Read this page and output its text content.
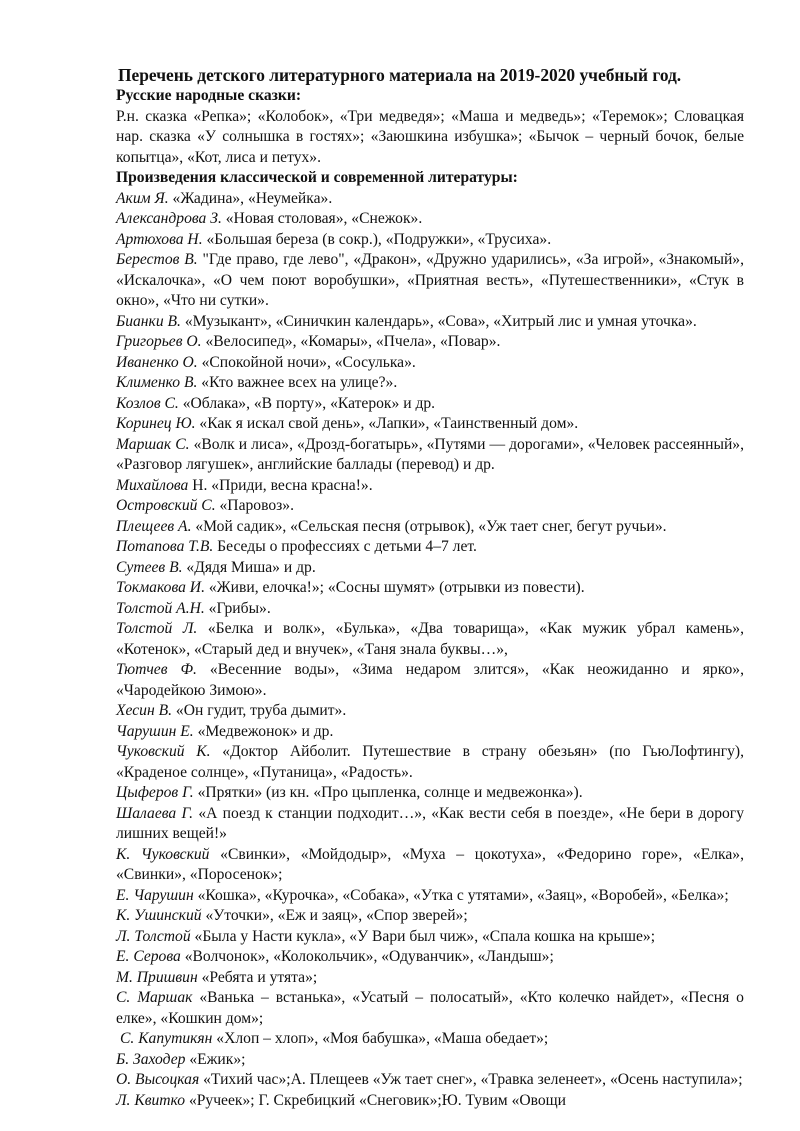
Перечень детского литературного материала на 2019-2020 учебный год.
Русские народные сказки:
Р.н. сказка «Репка»; «Колобок», «Три медведя»; «Маша и медведь»; «Теремок»; Словацкая нар. сказка «У солнышка в гостях»; «Заюшкина избушка»; «Бычок – черный бочок, белые копытца», «Кот, лиса и петух».
Произведения классической и современной литературы:
Аким Я. «Жадина», «Неумейка».
Александрова З. «Новая столовая», «Снежок».
Артюхова Н. «Большая береза (в сокр.), «Подружки», «Трусиха».
Берестов В. "Где право, где лево", «Дракон», «Дружно ударились», «За игрой», «Знакомый», «Искалочка», «О чем поют воробушки», «Приятная весть», «Путешественники», «Стук в окно», «Что ни сутки».
Бианки В. «Музыкант», «Синичкин календарь», «Сова», «Хитрый лис и умная уточка».
Григорьев О. «Велосипед», «Комары», «Пчела», «Повар».
Иваненко О. «Спокойной ночи», «Сосулька».
Клименко В. «Кто важнее всех на улице?».
Козлов С. «Облака», «В порту», «Катерок» и др.
Коринец Ю. «Как я искал свой день», «Лапки», «Таинственный дом».
Маршак С. «Волк и лиса», «Дрозд-богатырь», «Путями — дорогами», «Человек рассеянный», «Разговор лягушек», английские баллады (перевод) и др.
Михайлова Н. «Приди, весна красна!».
Островский С. «Паровоз».
Плещеев А. «Мой садик», «Сельская песня (отрывок), «Уж тает снег, бегут ручьи».
Потапова Т.В. Беседы о профессиях с детьми 4–7 лет.
Сутеев В. «Дядя Миша» и др.
Токмакова И. «Живи, елочка!»; «Сосны шумят» (отрывки из повести).
Толстой А.Н. «Грибы».
Толстой Л. «Белка и волк», «Булька», «Два товарища», «Как мужик убрал камень», «Котенок», «Старый дед и внучек», «Таня знала буквы…»,
Тютчев Ф. «Весенние воды», «Зима недаром злится», «Как неожиданно и ярко», «Чародейкою Зимою».
Хесин В. «Он гудит, труба дымит».
Чарушин Е. «Медвежонок» и др.
Чуковский К. «Доктор Айболит. Путешествие в страну обезьян» (по ГьюЛофтингу), «Краденое солнце», «Путаница», «Радость».
Цыферов Г. «Прятки» (из кн. «Про цыпленка, солнце и медвежонка»).
Шалаева Г. «А поезд к станции подходит…», «Как вести себя в поезде», «Не бери в дорогу лишних вещей!»
К. Чуковский «Свинки», «Мойдодыр», «Муха – цокотуха», «Федорино горе», «Елка», «Свинки», «Поросенок»;
Е. Чарушин «Кошка», «Курочка», «Собака», «Утка с утятами», «Заяц», «Воробей», «Белка»;
К. Ушинский «Уточки», «Еж и заяц», «Спор зверей»;
Л. Толстой «Была у Насти кукла», «У Вари был чиж», «Спала кошка на крыше»;
Е. Серова «Волчонок», «Колокольчик», «Одуванчик», «Ландыш»;
М. Пришвин «Ребята и утята»;
С. Маршак «Ванька – встанька», «Усатый – полосатый», «Кто колечко найдет», «Песня о елке», «Кошкин дом»;
С. Капутикян «Хлоп – хлоп», «Моя бабушка», «Маша обедает»;
Б. Заходер «Ежик»;
О. Высоцкая «Тихий час»;А. Плещеев «Уж тает снег», «Травка зеленеет», «Осень наступила»;
Л. Квитко «Ручеек»; Г. Скребицкий «Снеговик»;Ю. Тувим «Овощи
